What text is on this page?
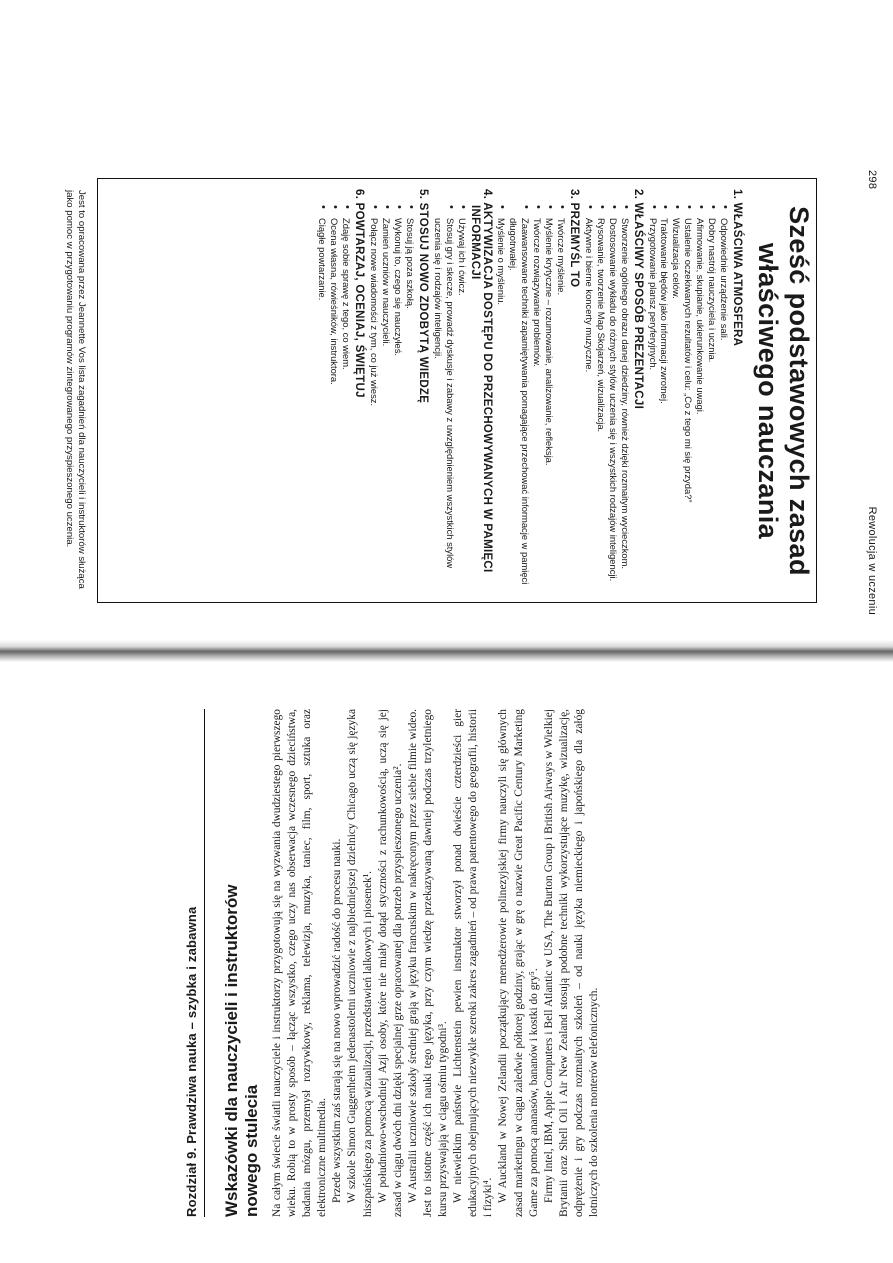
298
Rewolucja w uczeniu
Sześć podstawowych zasad
właściwego nauczania
1. WŁAŚCIWA ATMOSFERA
• Odpowiednie urządzenie sali.
• Dobry nastrój nauczyciela i ucznia.
• Afirmowanie, skupianie, ukierunkowanie uwagi.
• Ustalenie oczekiwanych rezultatów i celu: „Co z tego mi się przyda?”
• Wizualizacja celów.
• Traktowanie błędów jako informacji zwrotnej.
• Przygotowanie plansz peryferyjnych.
2. WŁAŚCIWY SPOSÓB PREZENTACJI
• Stworzenie ogólnego obrazu danej dziedziny, również dzięki rozmaitym wycieczkom.
• Dostosowanie wykładu do różnych stylów uczenia się i wszystkich rodzajów inteligencji.
• Rysowanie, tworzenie Map Skojarzeń, wizualizacja.
• Aktywne i bierne koncerty muzyczne.
3. PRZEMYŚL TO
• Twórcze myślenie.
• Myślenie krytyczne – rozumowanie, analizowanie, refleksja.
• Twórcze rozwiązywanie problemów.
• Zaawansowane techniki zapamiętywania pomagające przechować informacje w pamięci długotrwałej.
• Myślenie o myśleniu.
4. AKTYWIZACJA DOSTĘPU DO PRZECHOWYWANYCH W PAMIĘCI INFORMACJI
• Używaj ich i ćwicz.
• Stosuj gry i skecze, prowadź dyskusje i zabawy z uwzględnieniem wszystkich stylów uczenia się i rodzajów inteligencji.
5. STOSUJ NOWO ZDOBYTĄ WIEDZĘ
• Stosuj ją poza szkołą.
• Wykonuj to, czego się nauczyłeś.
• Zamień uczniów w nauczycieli.
• Połącz nowe wiadomości z tym, co już wiesz.
6. POWTARZAJ, OCENIAJ, ŚWIĘTUJ
• Zdaję sobie sprawę z tego, co wiem.
• Ocena własna, rówieśników, instruktora.
• Ciągłe powtarzanie.
Jest to opracowana przez Jeannette Vos lista zagadnień dla nauczycieli i instruktorów służąca jako pomoc w przygotowaniu programów zintegrowanego przyspieszonego uczenia.
Rozdział 9. Prawdziwa nauka – szybka i zabawna	Wskazówki dla nauczycieli i instruktorów nowego stulecia Na całym świecie światli nauczyciele i instruktorzy przygotowują się na wyzwania dwudziestego pierwszego wieku. Robią to w prosty sposób – łącząc wszystko, czego uczy nas obserwacja wczesnego dzieciństwa, badania mózgu, przemysł rozrywkowy, reklama, telewizja, muzyka, taniec, film, sport, sztuka oraz elektroniczne multimedia. Przede wszystkim zaś starają się na nowo wprowadzić radość do procesu nauki. W szkole Simon Guggenheim jedenastoletni uczniowie z najbiedniejszej dzielnicy Chicago uczą się języka hiszpańskiego za pomocą wizualizacji, przedstawień lalkowych i piosenek¹. W południowo-wschodniej Azji osoby, które nie miały dotąd styczności z rachunkowością, uczą się jej zasad w ciągu dwóch dni dzięki specjalnej grze opracowanej dla potrzeb przyspieszonego uczenia². W Australii uczniowie szkoły średniej grają w języku francuskim w nakręconym przez siebie filmie wideo. Jest to istotne część ich nauki tego języka, przy czym wiedzę przekazywaną dawniej podczas trzyletniego kursu przyswajają w ciągu ośmiu tygodni³. W niewielkim państwie Lichtenstein pewien instruktor stworzył ponad dwieście czterdzieści gier edukacyjnych obejmujących niezwykle szeroki zakres zagadnień – od prawa patentowego do geografii, historii i fizyki⁴. W Auckland w Nowej Zelandii początkujący menedżerowie polinezyjskiej firmy nauczyli się głównych zasad marketingu w ciągu zaledwie półtorej godziny, grając w grę o nazwie Great Pacific Century Marketing Game za pomocą ananasów, bananów i kostki do gry⁵. Firmy Intel, IBM, Apple Computers i Bell Atlantic w USA, The Burton Group i British Airways w Wielkiej Brytanii oraz Shell Oil i Air New Zealand stosują podobne techniki wykorzystujące muzykę, wizualizację, odprężenie i gry podczas rozmaitych szkoleń – od nauki języka niemieckiego i japońskiego dla załóg lotniczych do szkolenia monterów telefonicznych.
